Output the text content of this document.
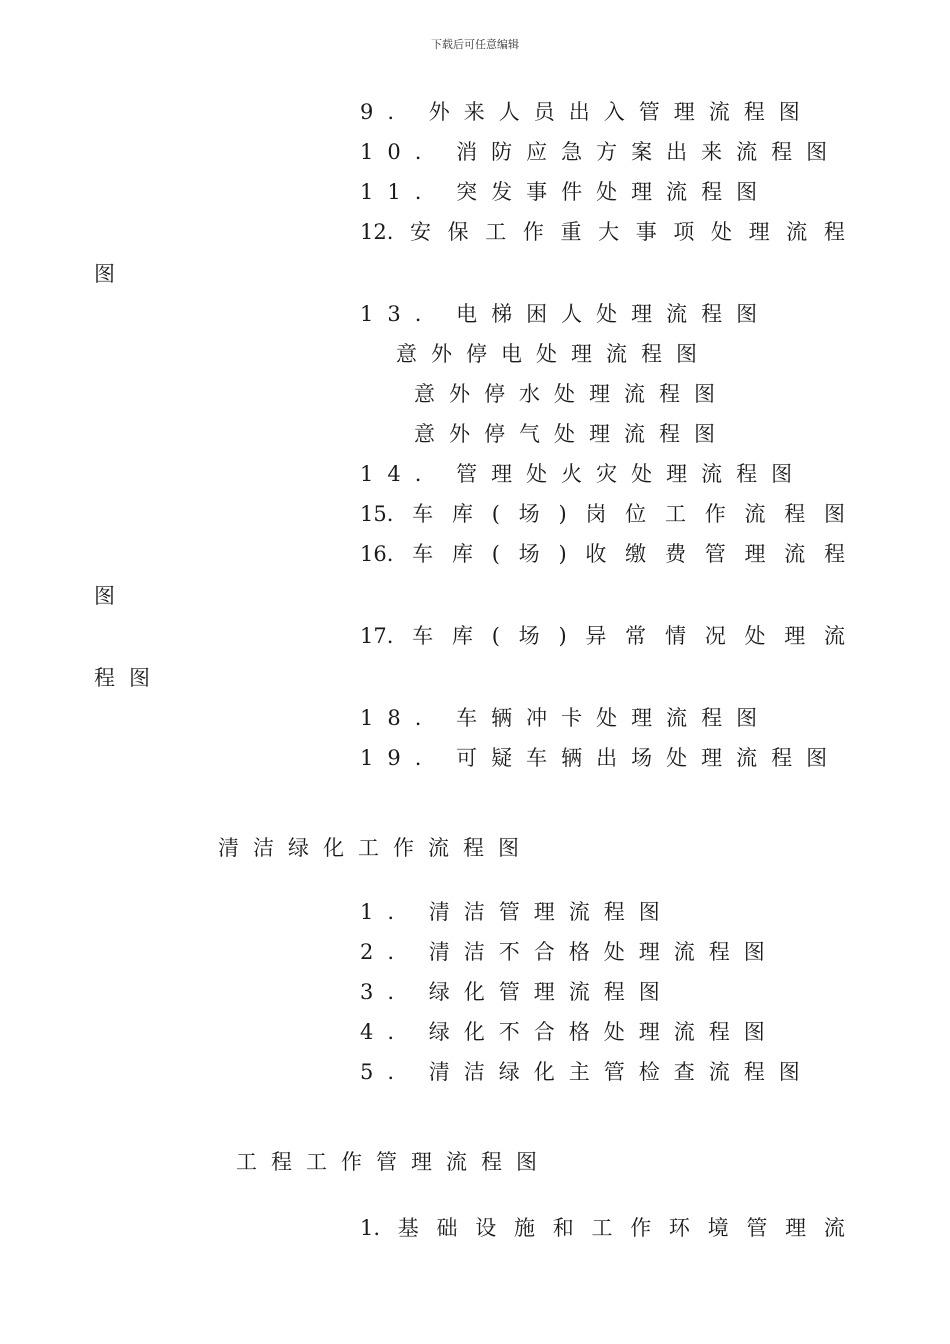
下载后可任意编辑
9. 外来人员出入管理流程图
10. 消防应急方案出来流程图
11. 突发事件处理流程图
12. 安 保 工 作 重 大 事 项 处 理 流 程
图
13. 电梯困人处理流程图
意外停电处理流程图
意外停水处理流程图
意外停气处理流程图
14. 管理处火灾处理流程图
15. 车 库 ( 场 ) 岗 位 工 作 流 程 图
16. 车 库 ( 场 ) 收 缴 费 管 理 流 程
图
17. 车 库 ( 场 ) 异 常 情 况 处 理 流
程图
18. 车辆冲卡处理流程图
19. 可疑车辆出场处理流程图
清洁绿化工作流程图
1. 清洁管理流程图
2. 清洁不合格处理流程图
3. 绿化管理流程图
4. 绿化不合格处理流程图
5. 清洁绿化主管检查流程图
工程工作管理流程图
1. 基 础 设 施 和 工 作 环 境 管 理 流
